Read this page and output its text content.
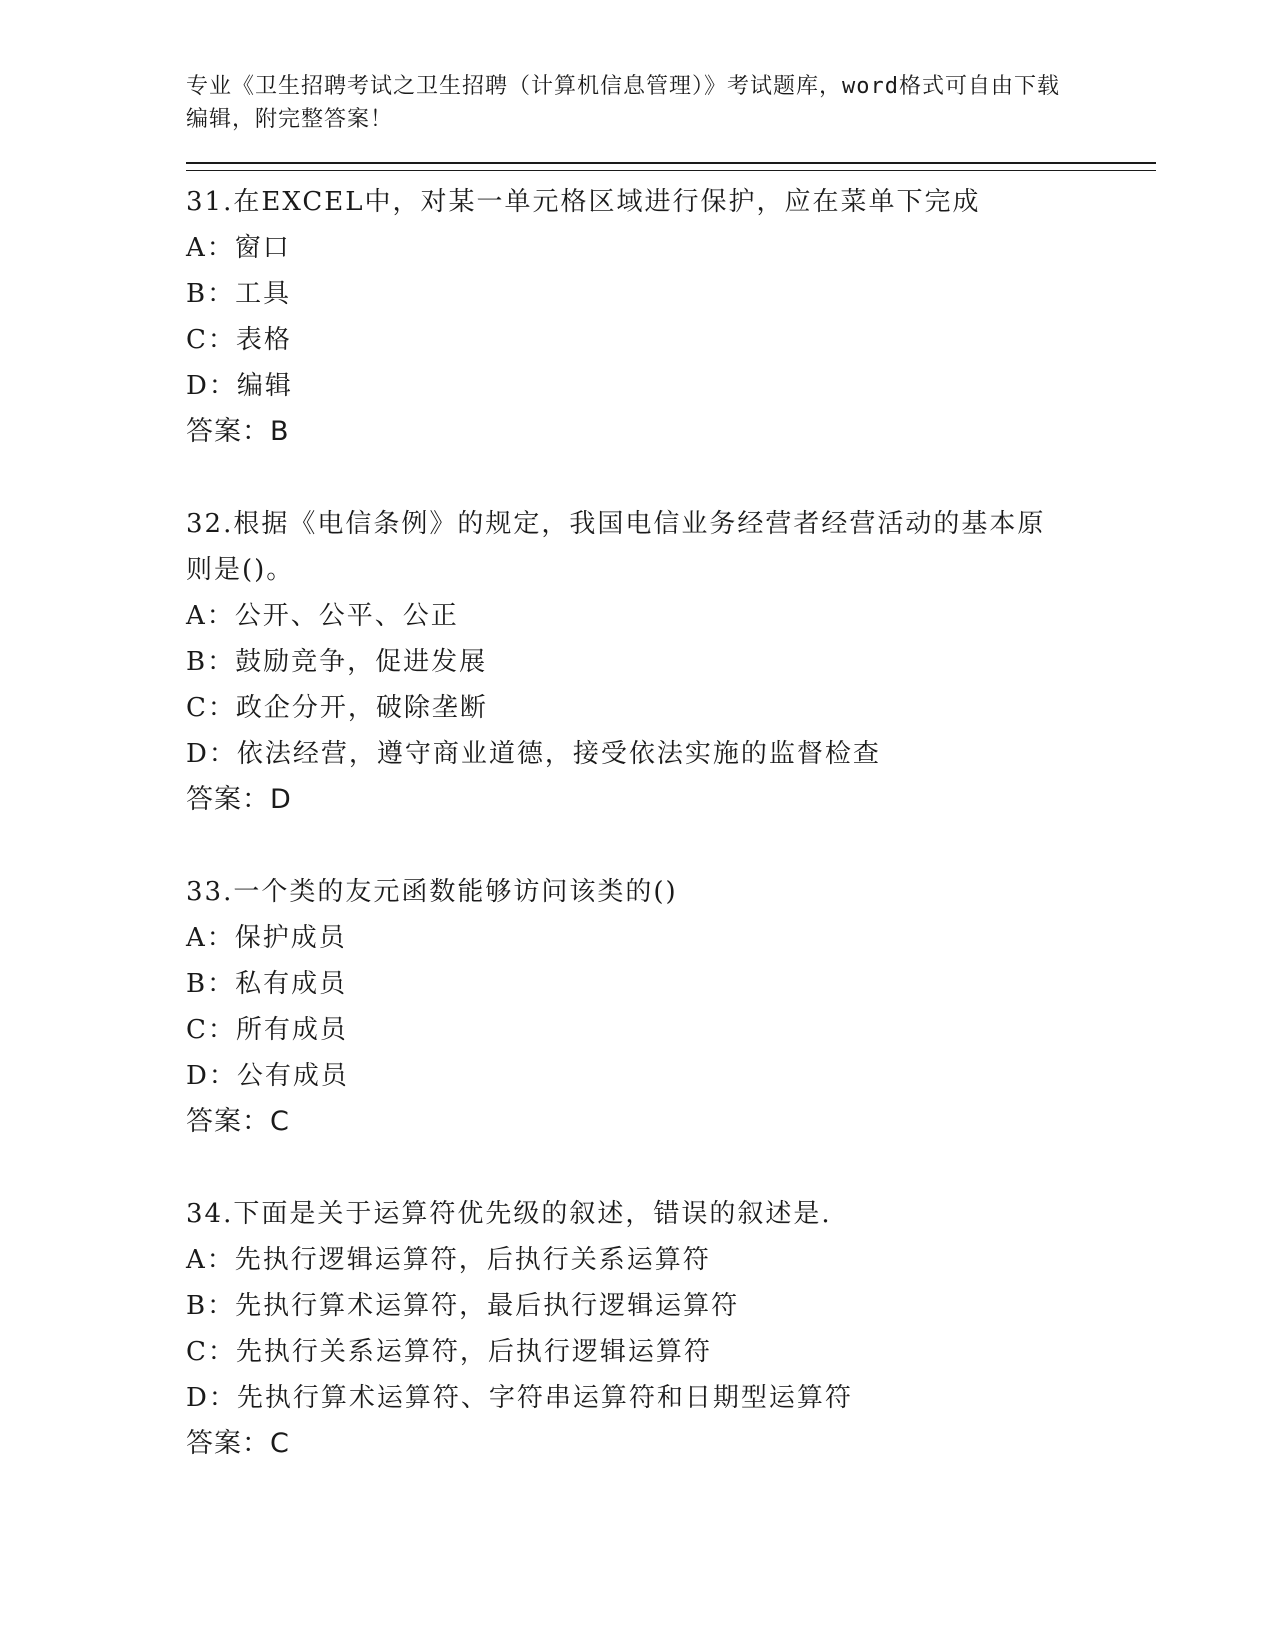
专业《卫生招聘考试之卫生招聘（计算机信息管理）》考试题库，word格式可自由下载编辑，附完整答案！
31.在EXCEL中，对某一单元格区域进行保护，应在菜单下完成
A：窗口
B：工具
C：表格
D：编辑
答案：B
32.根据《电信条例》的规定，我国电信业务经营者经营活动的基本原则是()。
A：公开、公平、公正
B：鼓励竞争，促进发展
C：政企分开，破除垄断
D：依法经营，遵守商业道德，接受依法实施的监督检查
答案：D
33.一个类的友元函数能够访问该类的()
A：保护成员
B：私有成员
C：所有成员
D：公有成员
答案：C
34.下面是关于运算符优先级的叙述，错误的叙述是.
A：先执行逻辑运算符，后执行关系运算符
B：先执行算术运算符，最后执行逻辑运算符
C：先执行关系运算符，后执行逻辑运算符
D：先执行算术运算符、字符串运算符和日期型运算符
答案：C
